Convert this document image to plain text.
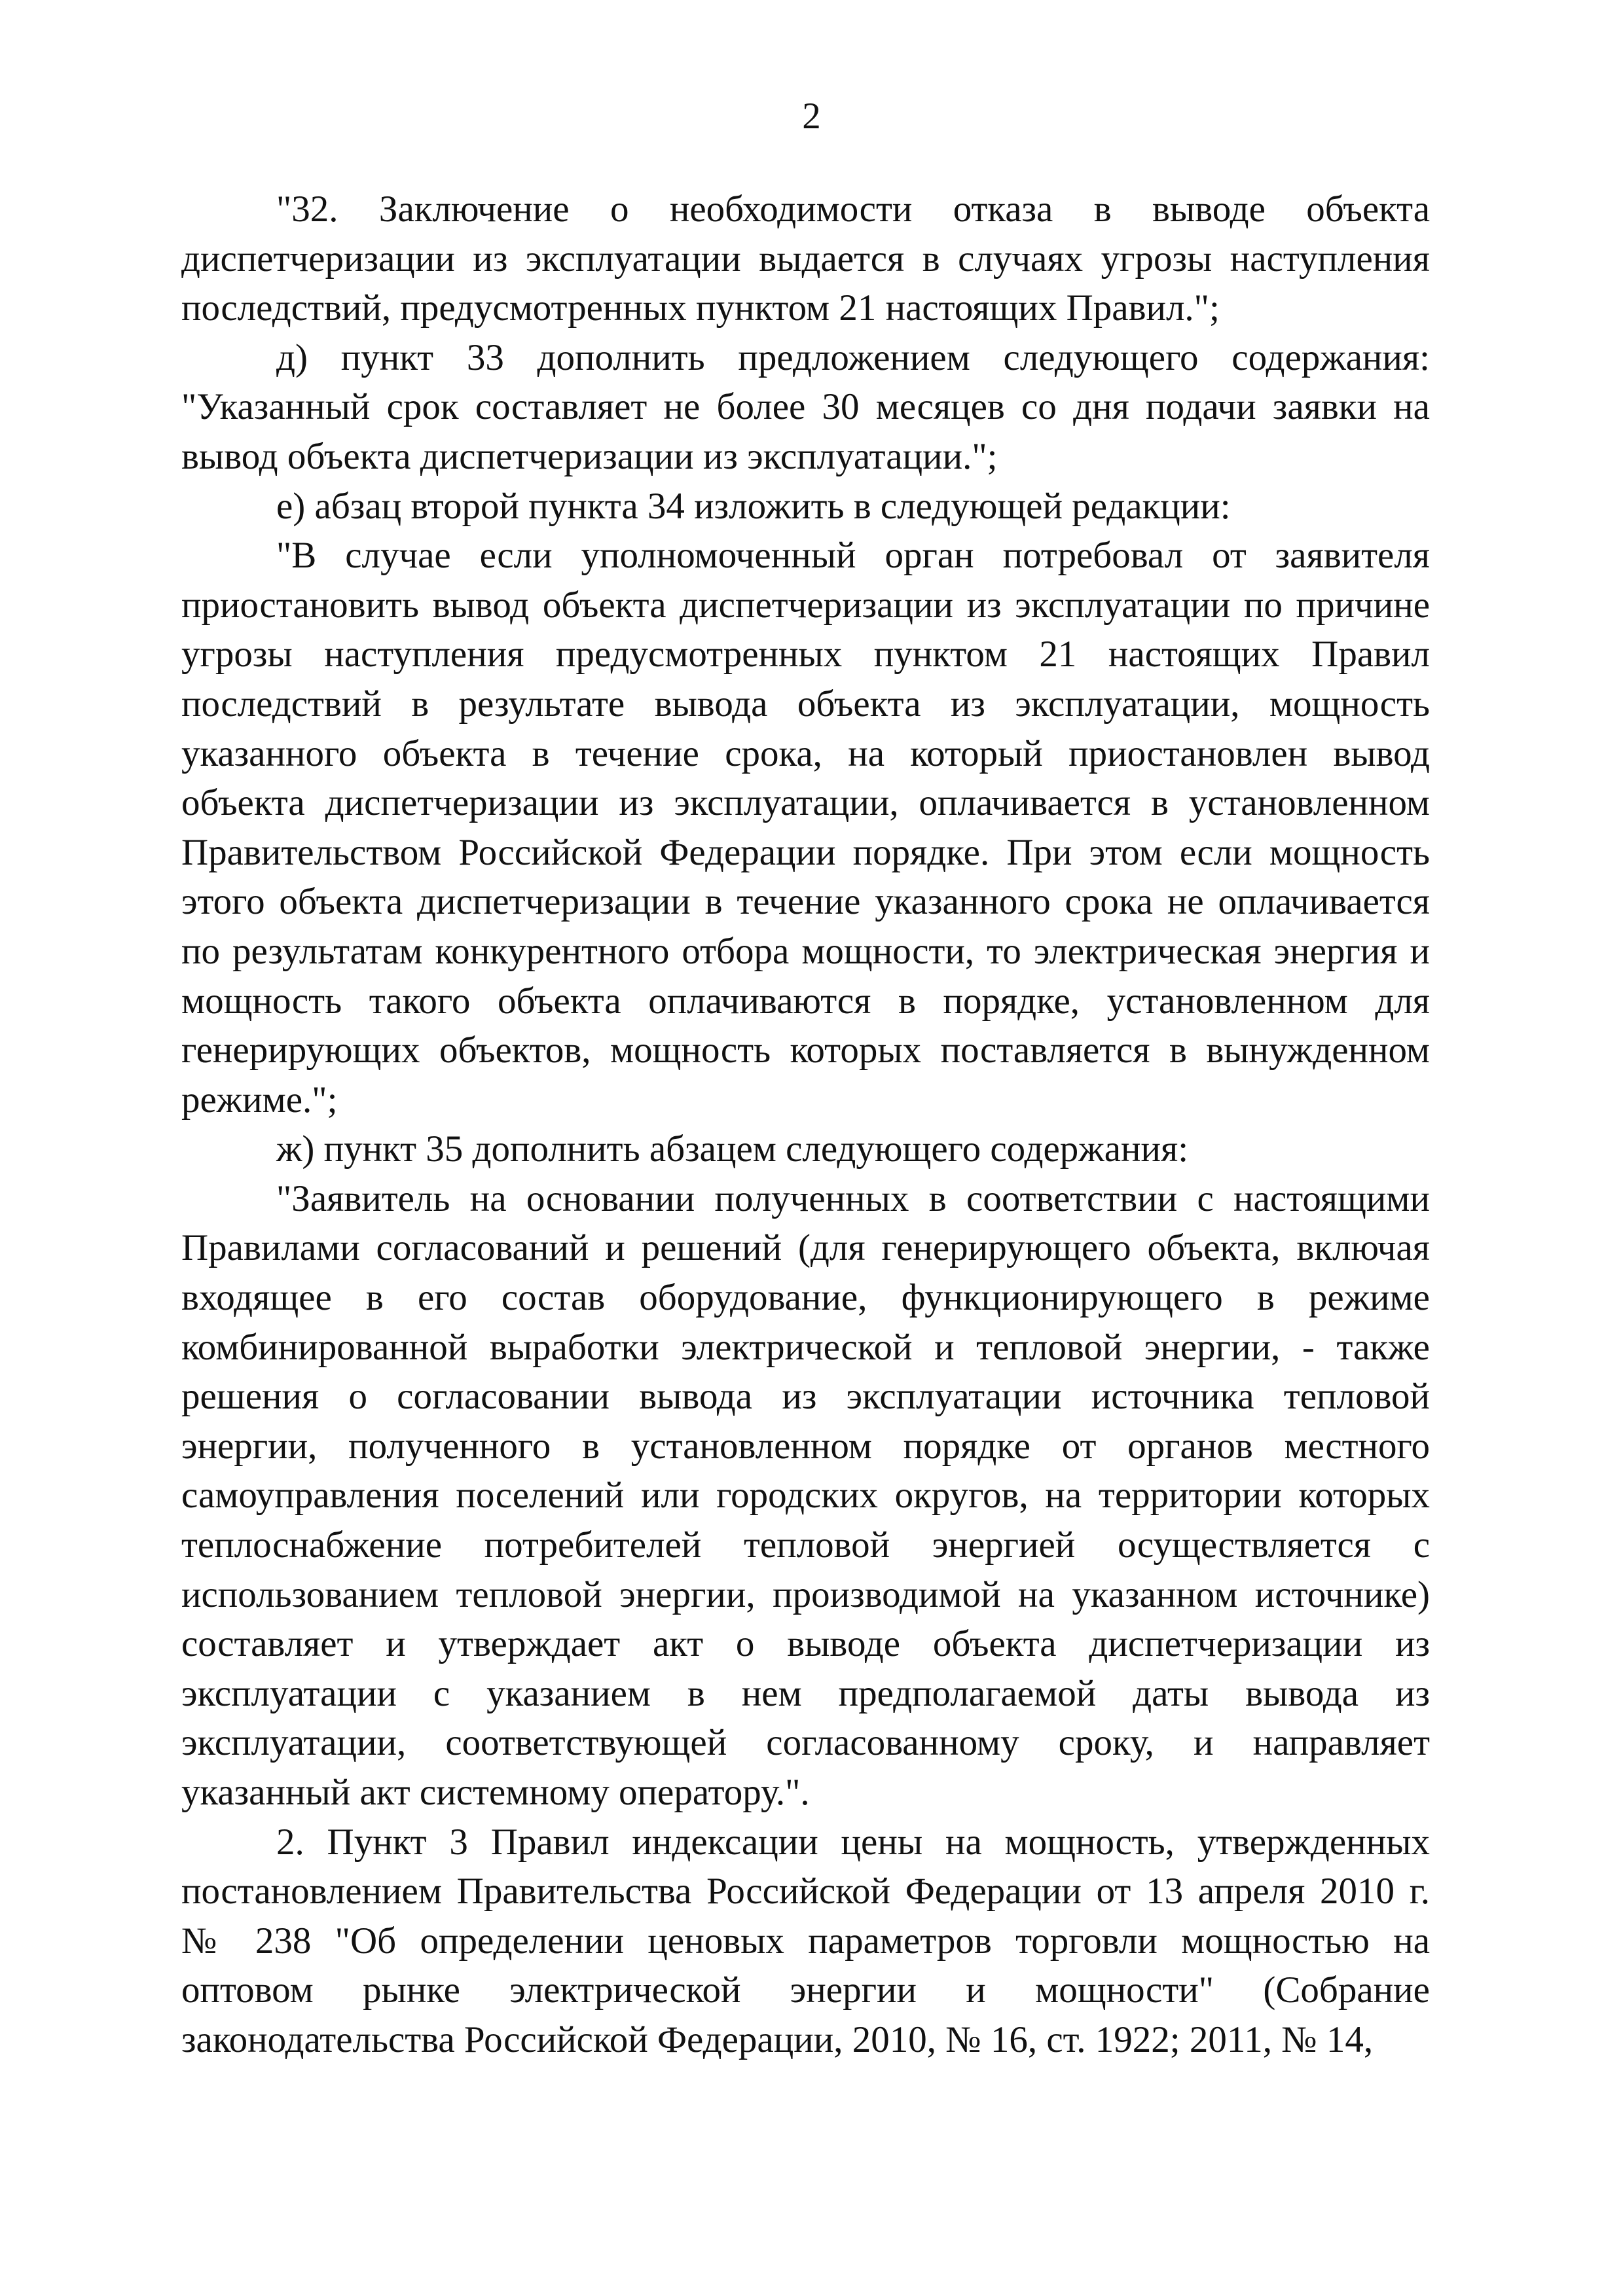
2

"32. Заключение о необходимости отказа в выводе объекта диспетчеризации из эксплуатации выдается в случаях угрозы наступления последствий, предусмотренных пунктом 21 настоящих Правил.";

д) пункт 33 дополнить предложением следующего содержания: "Указанный срок составляет не более 30 месяцев со дня подачи заявки на вывод объекта диспетчеризации из эксплуатации.";

е) абзац второй пункта 34 изложить в следующей редакции:

"В случае если уполномоченный орган потребовал от заявителя приостановить вывод объекта диспетчеризации из эксплуатации по причине угрозы наступления предусмотренных пунктом 21 настоящих Правил последствий в результате вывода объекта из эксплуатации, мощность указанного объекта в течение срока, на который приостановлен вывод объекта диспетчеризации из эксплуатации, оплачивается в установленном Правительством Российской Федерации порядке. При этом если мощность этого объекта диспетчеризации в течение указанного срока не оплачивается по результатам конкурентного отбора мощности, то электрическая энергия и мощность такого объекта оплачиваются в порядке, установленном для генерирующих объектов, мощность которых поставляется в вынужденном режиме.";

ж) пункт 35 дополнить абзацем следующего содержания:

"Заявитель на основании полученных в соответствии с настоящими Правилами согласований и решений (для генерирующего объекта, включая входящее в его состав оборудование, функционирующего в режиме комбинированной выработки электрической и тепловой энергии, - также решения о согласовании вывода из эксплуатации источника тепловой энергии, полученного в установленном порядке от органов местного самоуправления поселений или городских округов, на территории которых теплоснабжение потребителей тепловой энергией осуществляется с использованием тепловой энергии, производимой на указанном источнике) составляет и утверждает акт о выводе объекта диспетчеризации из эксплуатации с указанием в нем предполагаемой даты вывода из эксплуатации, соответствующей согласованному сроку, и направляет указанный акт системному оператору.".

2. Пункт 3 Правил индексации цены на мощность, утвержденных постановлением Правительства Российской Федерации от 13 апреля 2010 г. № 238 "Об определении ценовых параметров торговли мощностью на оптовом рынке электрической энергии и мощности" (Собрание законодательства Российской Федерации, 2010, № 16, ст. 1922; 2011, № 14,
